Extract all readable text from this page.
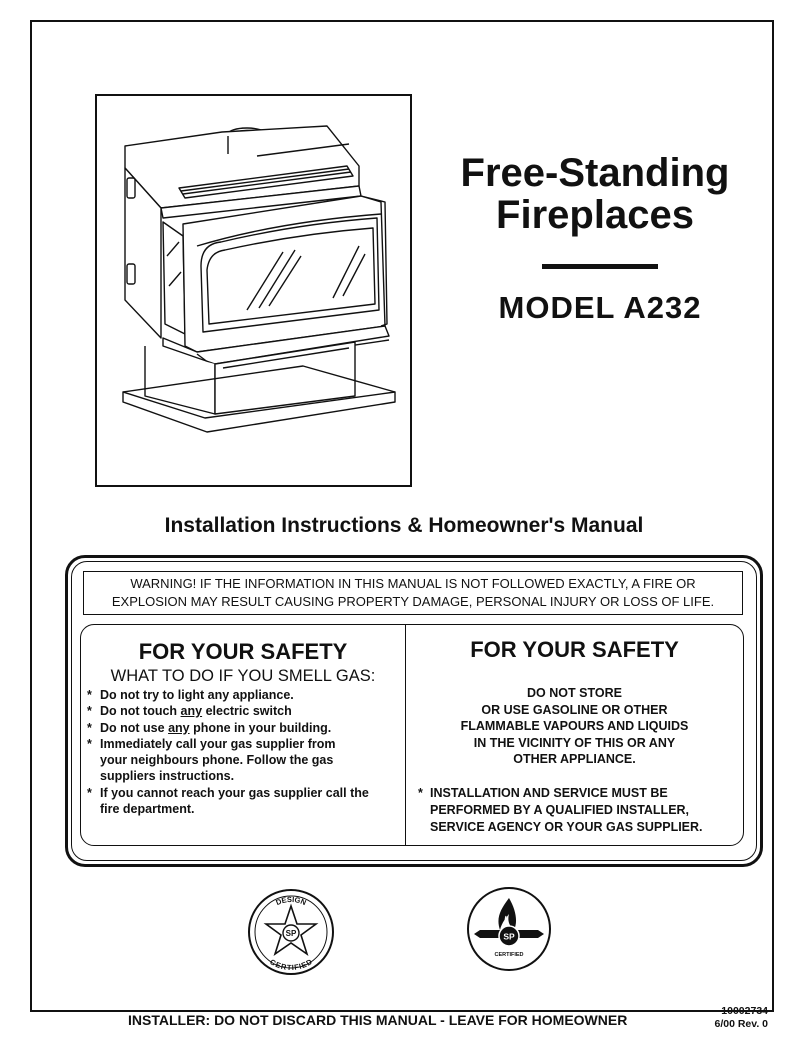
Free-Standing
Fireplaces
MODEL A232
Installation Instructions & Homeowner's Manual
WARNING! IF THE INFORMATION IN THIS MANUAL IS NOT FOLLOWED EXACTLY, A FIRE OR
EXPLOSION MAY RESULT CAUSING PROPERTY DAMAGE, PERSONAL INJURY OR LOSS OF LIFE.
FOR YOUR SAFETY
WHAT TO DO IF YOU SMELL GAS:
* Do not try to light any appliance.
* Do not touch any electric switch
* Do not use any phone in your building.
* Immediately call your gas supplier from your neighbours phone. Follow the gas suppliers instructions.
* If you cannot reach your gas supplier call the fire department.
FOR YOUR SAFETY
DO NOT STORE
OR USE GASOLINE OR OTHER
FLAMMABLE VAPOURS AND LIQUIDS
IN THE VICINITY OF THIS OR ANY
OTHER APPLIANCE.
* INSTALLATION AND SERVICE MUST BE
PERFORMED BY A QUALIFIED INSTALLER,
SERVICE AGENCY OR YOUR GAS SUPPLIER.
DESIGN
CERTIFIED
SP	SP
CERTIFIED
INSTALLER: DO NOT DISCARD THIS MANUAL - LEAVE FOR HOMEOWNER
10002734
6/00 Rev. 0
